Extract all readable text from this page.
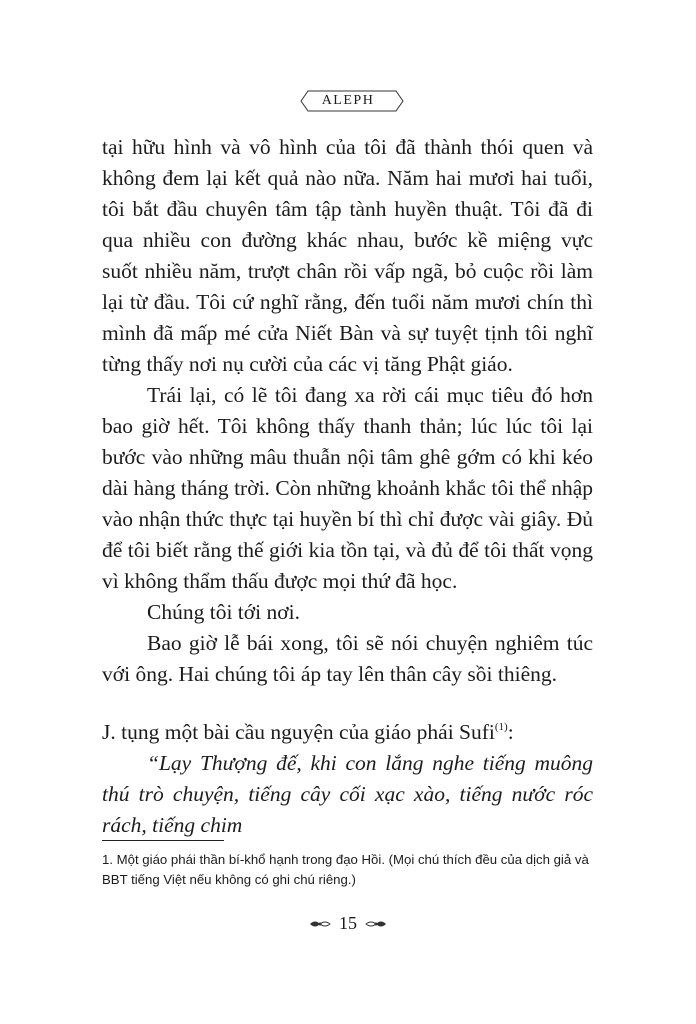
ALEPH

tại hữu hình và vô hình của tôi đã thành thói quen và không đem lại kết quả nào nữa. Năm hai mươi hai tuổi, tôi bắt đầu chuyên tâm tập tành huyền thuật. Tôi đã đi qua nhiều con đường khác nhau, bước kề miệng vực suốt nhiều năm, trượt chân rồi vấp ngã, bỏ cuộc rồi làm lại từ đầu. Tôi cứ nghĩ rằng, đến tuổi năm mươi chín thì mình đã mấp mé cửa Niết Bàn và sự tuyệt tịnh tôi nghĩ từng thấy nơi nụ cười của các vị tăng Phật giáo.

Trái lại, có lẽ tôi đang xa rời cái mục tiêu đó hơn bao giờ hết. Tôi không thấy thanh thản; lúc lúc tôi lại bước vào những mâu thuẫn nội tâm ghê gớm có khi kéo dài hàng tháng trời. Còn những khoảnh khắc tôi thể nhập vào nhận thức thực tại huyền bí thì chỉ được vài giây. Đủ để tôi biết rằng thế giới kia tồn tại, và đủ để tôi thất vọng vì không thẩm thấu được mọi thứ đã học.

Chúng tôi tới nơi.

Bao giờ lễ bái xong, tôi sẽ nói chuyện nghiêm túc với ông. Hai chúng tôi áp tay lên thân cây sồi thiêng.

J. tụng một bài cầu nguyện của giáo phái Sufi$^{(1)}$:

“Lạy Thượng đế, khi con lắng nghe tiếng muông thú trò chuyện, tiếng cây cối xạc xào, tiếng nước róc rách, tiếng chim

1. Một giáo phái thần bí-khổ hạnh trong đạo Hồi. (Mọi chú thích đều của dịch giả và BBT tiếng Việt nếu không có ghi chú riêng.)

15
